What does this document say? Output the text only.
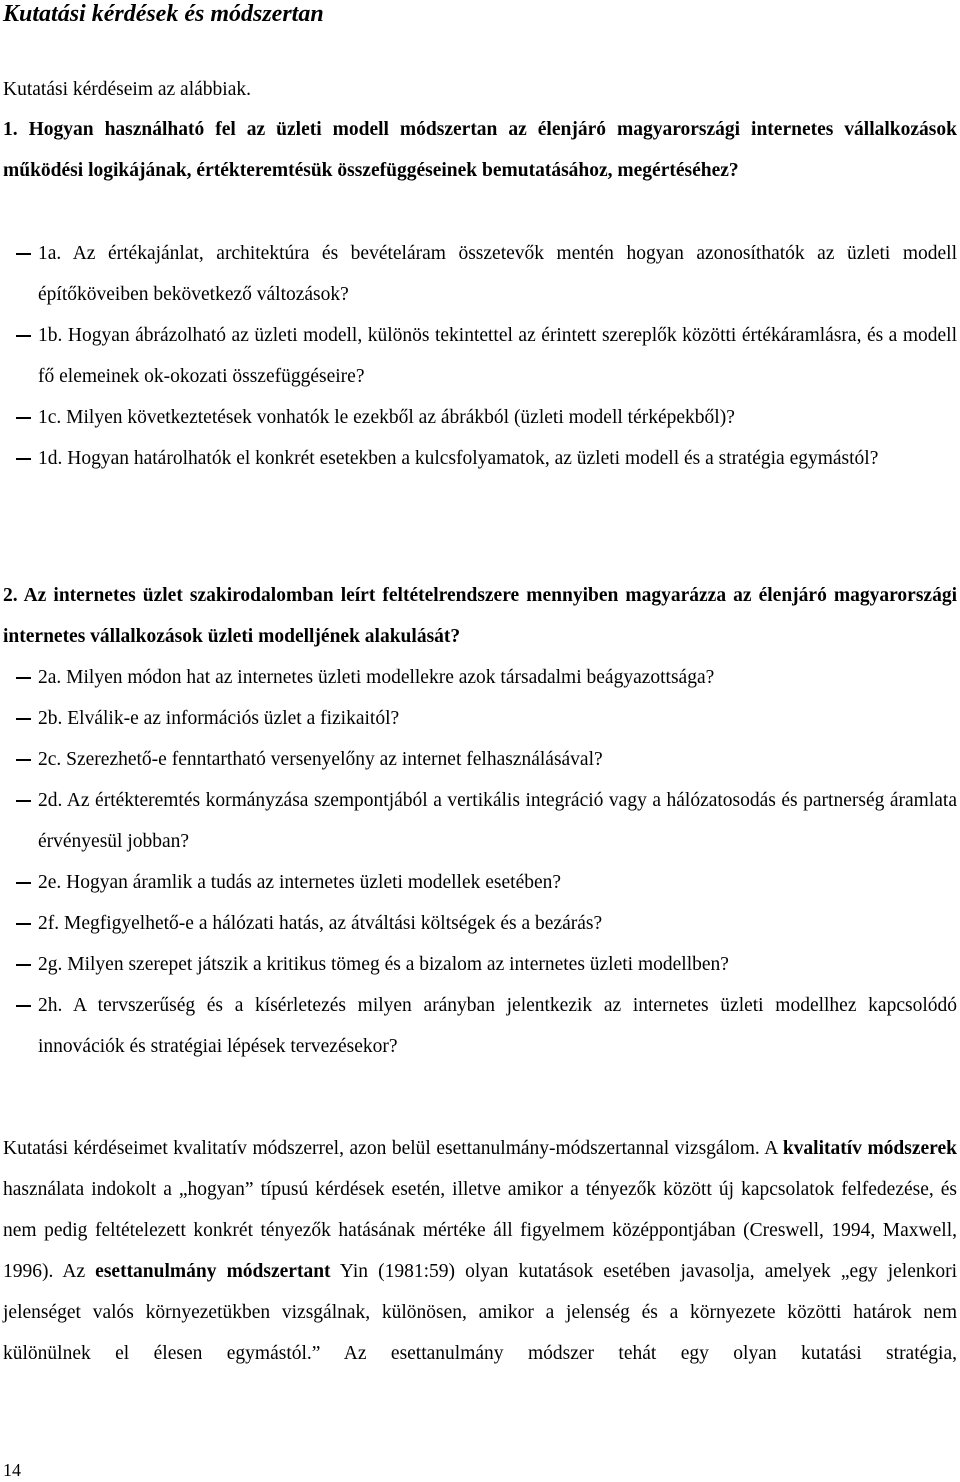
Kutatási kérdések és módszertan

Kutatási kérdéseim az alábbiak.

1. Hogyan használható fel az üzleti modell módszertan az élenjáró magyarországi internetes vállalkozások működési logikájának, értékteremtésük összefüggéseinek bemutatásához, megértéséhez?

1a. Az értékajánlat, architektúra és bevételáram összetevők mentén hogyan azonosíthatók az üzleti modell építőköveiben bekövetkező változások?
1b. Hogyan ábrázolható az üzleti modell, különös tekintettel az érintett szereplők közötti értékáramlásra, és a modell fő elemeinek ok-okozati összefüggéseire?
1c. Milyen következtetések vonhatók le ezekből az ábrákból (üzleti modell térképekből)?
1d. Hogyan határolhatók el konkrét esetekben a kulcsfolyamatok, az üzleti modell és a stratégia egymástól?

2. Az internetes üzlet szakirodalomban leírt feltételrendszere mennyiben magyarázza az élenjáró magyarországi internetes vállalkozások üzleti modelljének alakulását?

2a. Milyen módon hat az internetes üzleti modellekre azok társadalmi beágyazottsága?
2b. Elválik-e az információs üzlet a fizikaitól?
2c. Szerezhető-e fenntartható versenyelőny az internet felhasználásával?
2d. Az értékteremtés kormányzása szempontjából a vertikális integráció vagy a hálózatosodás és partnerség áramlata érvényesül jobban?
2e. Hogyan áramlik a tudás az internetes üzleti modellek esetében?
2f. Megfigyelhető-e a hálózati hatás, az átváltási költségek és a bezárás?
2g. Milyen szerepet játszik a kritikus tömeg és a bizalom az internetes üzleti modellben?
2h. A tervszerűség és a kísérletezés milyen arányban jelentkezik az internetes üzleti modellhez kapcsolódó innovációk és stratégiai lépések tervezésekor?

Kutatási kérdéseimet kvalitatív módszerrel, azon belül esettanulmány-módszertannal vizsgálom. A kvalitatív módszerek használata indokolt a „hogyan” típusú kérdések esetén, illetve amikor a tényezők között új kapcsolatok felfedezése, és nem pedig feltételezett konkrét tényezők hatásának mértéke áll figyelmem középpontjában (Creswell, 1994, Maxwell, 1996). Az esettanulmány módszertant Yin (1981:59) olyan kutatások esetében javasolja, amelyek „egy jelenkori jelenséget valós környezetükben vizsgálnak, különösen, amikor a jelenség és a környezete közötti határok nem különülnek el élesen egymástól.” Az esettanulmány módszer tehát egy olyan kutatási stratégia,

14
